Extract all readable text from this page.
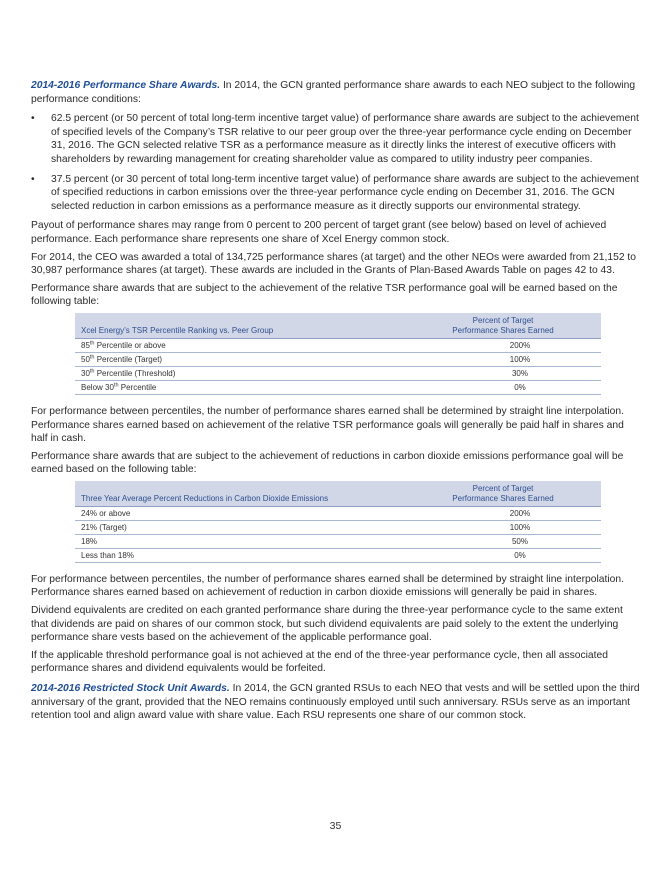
2014-2016 Performance Share Awards. In 2014, the GCN granted performance share awards to each NEO subject to the following performance conditions:

• 62.5 percent (or 50 percent of total long-term incentive target value) of performance share awards are subject to the achievement of specified levels of the Company’s TSR relative to our peer group over the three-year performance cycle ending on December 31, 2016. The GCN selected relative TSR as a performance measure as it directly links the interest of executive officers with shareholders by rewarding management for creating shareholder value as compared to utility industry peer companies.
• 37.5 percent (or 30 percent of total long-term incentive target value) of performance share awards are subject to the achievement of specified reductions in carbon emissions over the three-year performance cycle ending on December 31, 2016. The GCN selected reduction in carbon emissions as a performance measure as it directly supports our environmental strategy.

Payout of performance shares may range from 0 percent to 200 percent of target grant (see below) based on level of achieved performance. Each performance share represents one share of Xcel Energy common stock.

For 2014, the CEO was awarded a total of 134,725 performance shares (at target) and the other NEOs were awarded from 21,152 to 30,987 performance shares (at target). These awards are included in the Grants of Plan-Based Awards Table on pages 42 to 43.

Performance share awards that are subject to the achievement of the relative TSR performance goal will be earned based on the following table:

Xcel Energy’s TSR Percentile Ranking vs. Peer Group	Percent of Target
Performance Shares Earned
85th Percentile or above	200%
50th Percentile (Target)	100%
30th Percentile (Threshold)	30%
Below 30th Percentile	0%

For performance between percentiles, the number of performance shares earned shall be determined by straight line interpolation. Performance shares earned based on achievement of the relative TSR performance goals will generally be paid half in shares and half in cash.

Performance share awards that are subject to the achievement of reductions in carbon dioxide emissions performance goal will be earned based on the following table:

Three Year Average Percent Reductions in Carbon Dioxide Emissions	Percent of Target
Performance Shares Earned
24% or above	200%
21% (Target)	100%
18%	50%
Less than 18%	0%

For performance between percentiles, the number of performance shares earned shall be determined by straight line interpolation. Performance shares earned based on achievement of reduction in carbon dioxide emissions will generally be paid in shares.

Dividend equivalents are credited on each granted performance share during the three-year performance cycle to the same extent that dividends are paid on shares of our common stock, but such dividend equivalents are paid solely to the extent the underlying performance share vests based on the achievement of the applicable performance goal.

If the applicable threshold performance goal is not achieved at the end of the three-year performance cycle, then all associated performance shares and dividend equivalents would be forfeited.

2014-2016 Restricted Stock Unit Awards. In 2014, the GCN granted RSUs to each NEO that vests and will be settled upon the third anniversary of the grant, provided that the NEO remains continuously employed until such anniversary. RSUs serve as an important retention tool and align award value with share value. Each RSU represents one share of our common stock.

35
